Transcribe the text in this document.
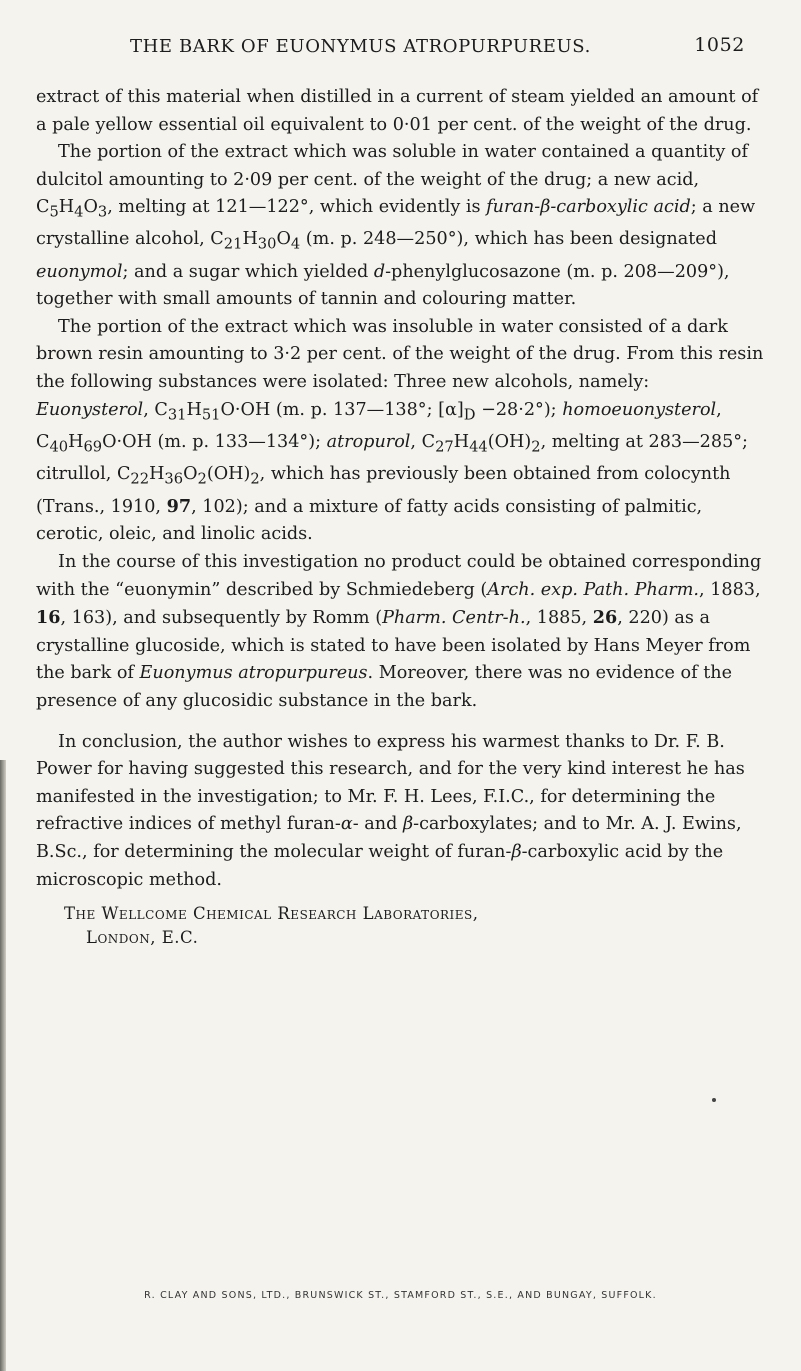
THE BARK OF EUONYMUS ATROPURPUREUS.	1052

extract of this material when distilled in a current of steam yielded an amount of a pale yellow essential oil equivalent to 0·01 per cent. of the weight of the drug.

The portion of the extract which was soluble in water contained a quantity of dulcitol amounting to 2·09 per cent. of the weight of the drug; a new acid, $C_5H_4O_3$, melting at 121—122°, which evidently is furan-β-carboxylic acid; a new crystalline alcohol, $C_{21}H_{30}O_4$ (m. p. 248—250°), which has been designated euonymol; and a sugar which yielded d-phenylglucosazone (m. p. 208—209°), together with small amounts of tannin and colouring matter.

The portion of the extract which was insoluble in water consisted of a dark brown resin amounting to 3·2 per cent. of the weight of the drug. From this resin the following substances were isolated: Three new alcohols, namely: Euonysterol, $C_{31}H_{51}O\cdot OH$ (m. p. 137—138°; $[\alpha]_D -28\cdot 2^\circ$); homoeuonysterol, $C_{40}H_{69}O\cdot OH$ (m. p. 133—134°); atropurol, $C_{27}H_{44}(OH)_2$, melting at 283—285°; citrullol, $C_{22}H_{36}O_2(OH)_2$, which has previously been obtained from colocynth (Trans., 1910, 97, 102); and a mixture of fatty acids consisting of palmitic, cerotic, oleic, and linolic acids.

In the course of this investigation no product could be obtained corresponding with the “euonymin” described by Schmiedeberg (Arch. exp. Path. Pharm., 1883, 16, 163), and subsequently by Romm (Pharm. Centr-h., 1885, 26, 220) as a crystalline glucoside, which is stated to have been isolated by Hans Meyer from the bark of Euonymus atropurpureus. Moreover, there was no evidence of the presence of any glucosidic substance in the bark.

In conclusion, the author wishes to express his warmest thanks to Dr. F. B. Power for having suggested this research, and for the very kind interest he has manifested in the investigation; to Mr. F. H. Lees, F.I.C., for determining the refractive indices of methyl furan-α- and β-carboxylates; and to Mr. A. J. Ewins, B.Sc., for determining the molecular weight of furan-β-carboxylic acid by the microscopic method.

The Wellcome Chemical Research Laboratories,
London, E.C.
R. CLAY AND SONS, LTD., BRUNSWICK ST., STAMFORD ST., S.E., AND BUNGAY, SUFFOLK.
